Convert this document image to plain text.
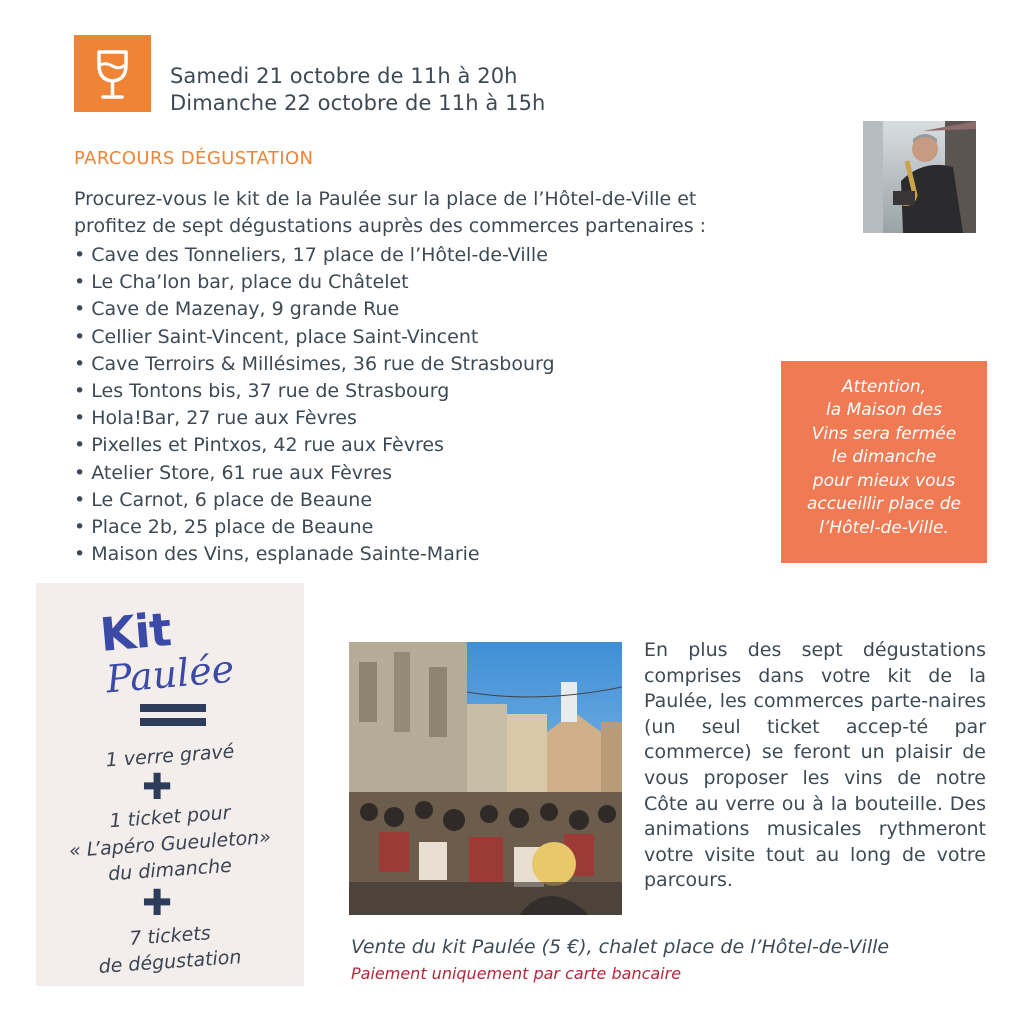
Samedi 21 octobre de 11h à 20h
Dimanche 22 octobre de 11h à 15h
PARCOURS DÉGUSTATION
Procurez-vous le kit de la Paulée sur la place de l’Hôtel-de-Ville et
profitez de sept dégustations auprès des commerces partenaires :
• Cave des Tonneliers, 17 place de l’Hôtel-de-Ville
• Le Cha’lon bar, place du Châtelet
• Cave de Mazenay, 9 grande Rue
• Cellier Saint-Vincent, place Saint-Vincent
• Cave Terroirs & Millésimes, 36 rue de Strasbourg
• Les Tontons bis, 37 rue de Strasbourg
• Hola!Bar, 27 rue aux Fèvres
• Pixelles et Pintxos, 42 rue aux Fèvres
• Atelier Store, 61 rue aux Fèvres
• Le Carnot, 6 place de Beaune
• Place 2b, 25 place de Beaune
• Maison des Vins, esplanade Sainte-Marie
Attention,
la Maison des
Vins sera fermée
le dimanche
pour mieux vous
accueillir place de
l’Hôtel-de-Ville.
Kit
Paulée
1 verre gravé
✚
1 ticket pour
« L’apéro Gueuleton»
du dimanche
✚
7 tickets
de dégustation
En plus des sept dégustations comprises dans votre kit de la Paulée, les commerces parte-naires (un seul ticket accep-té par commerce) se feront un plaisir de vous proposer les vins de notre Côte au verre ou à la bouteille. Des animations musicales rythmeront votre visite tout au long de votre parcours.
Vente du kit Paulée (5 €), chalet place de l’Hôtel-de-Ville
Paiement uniquement par carte bancaire
